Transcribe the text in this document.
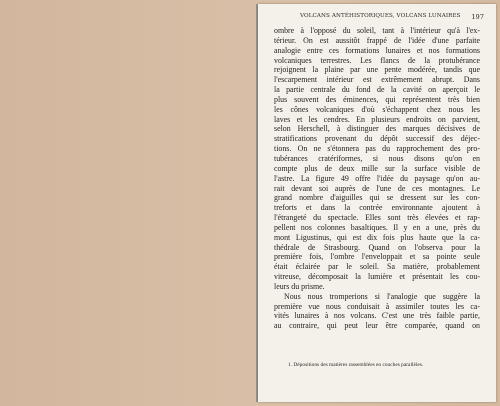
VOLCANS ANTÉHISTORIQUES, VOLCANS LUNAIRES 197
ombre à l'opposé du soleil, tant à l'intérieur qu'à l'ex-
térieur. On est aussitôt frappé de l'idée d'une parfaite
analogie entre ces formations lunaires et nos formations
volcaniques terrestres. Les flancs de la protubérance
rejoignent la plaine par une pente modérée, tandis que
l'escarpement intérieur est extrêmement abrupt. Dans
la partie centrale du fond de la cavité on aperçoit le
plus souvent des éminences, qui représentent très bien
les cônes volcaniques d'où s'échappent chez nous les
laves et les cendres. En plusieurs endroits on parvient,
selon Herschell, à distinguer des marques décisives de
stratifications provenant du dépôt successif des déjec-
tions. On ne s'étonnera pas du rapprochement des pro-
tubérances cratériformes, si nous disons qu'on en
compte plus de deux mille sur la surface visible de
l'astre. La figure 49 offre l'idée du paysage qu'on au-
rait devant soi auprès de l'une de ces montagnes. Le
grand nombre d'aiguilles qui se dressent sur les con-
treforts et dans la contrée environnante ajoutent à
l'étrangeté du spectacle. Elles sont très élevées et rap-
pellent nos colonnes basaltiques. Il y en a une, près du
mont Ligustinus, qui est dix fois plus haute que la ca-
thédrale de Strasbourg. Quand on l'observa pour la
première fois, l'ombre l'enveloppait et sa pointe seule
était éclairée par le soleil. Sa matière, probablement
vitreuse, décomposait la lumière et présentait les cou-
leurs du prisme.
Nous nous tromperions si l'analogie que suggère la
première vue nous conduisait à assimiler toutes les ca-
vités lunaires à nos volcans. C'est une très faible partie,
au contraire, qui peut leur être comparée, quand on
1. Dépositions des matières rassemblées en couches parallèles.
